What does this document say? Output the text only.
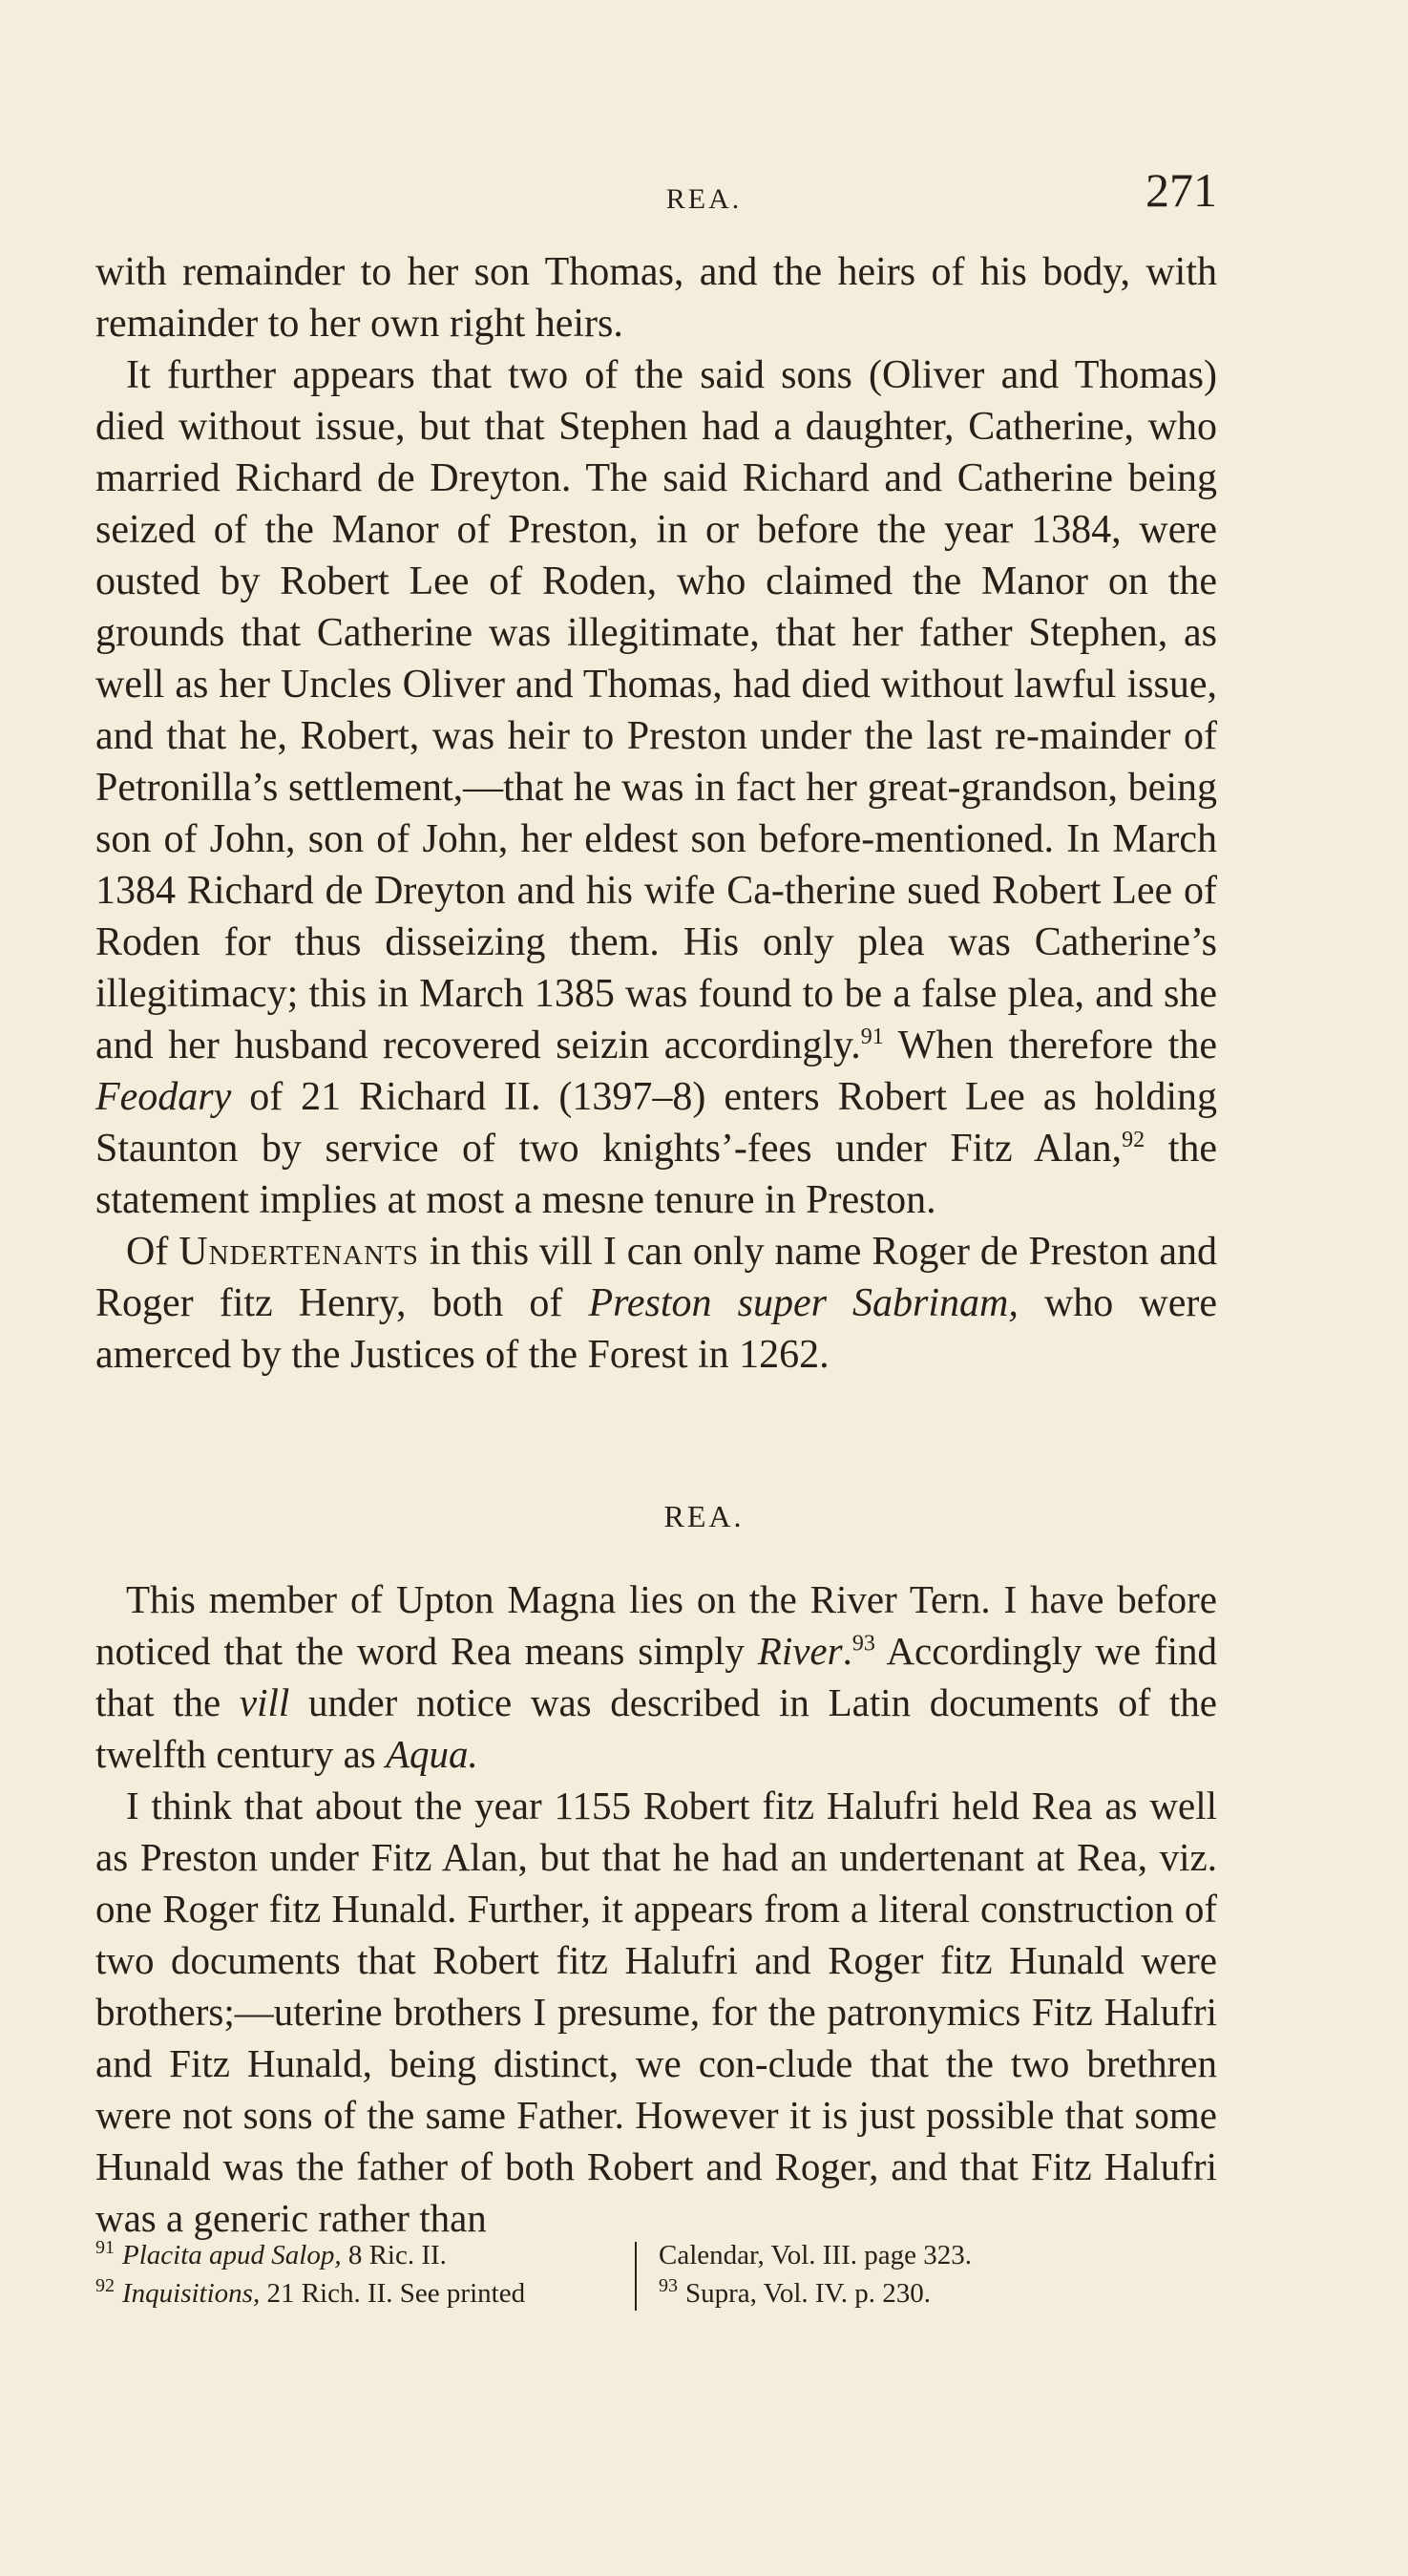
REA.	271

with remainder to her son Thomas, and the heirs of his body, with remainder to her own right heirs.

It further appears that two of the said sons (Oliver and Thomas) died without issue, but that Stephen had a daughter, Catherine, who married Richard de Dreyton. The said Richard and Catherine being seized of the Manor of Preston, in or before the year 1384, were ousted by Robert Lee of Roden, who claimed the Manor on the grounds that Catherine was illegitimate, that her father Stephen, as well as her Uncles Oliver and Thomas, had died without lawful issue, and that he, Robert, was heir to Preston under the last re-mainder of Petronilla’s settlement,—that he was in fact her great-grandson, being son of John, son of John, her eldest son before-mentioned. In March 1384 Richard de Dreyton and his wife Ca-therine sued Robert Lee of Roden for thus disseizing them. His only plea was Catherine’s illegitimacy; this in March 1385 was found to be a false plea, and she and her husband recovered seizin accordingly.$^{91}$ When therefore the Feodary of 21 Richard II. (1397–8) enters Robert Lee as holding Staunton by service of two knights’-fees under Fitz Alan,$^{92}$ the statement implies at most a mesne tenure in Preston.

Of Undertenants in this vill I can only name Roger de Preston and Roger fitz Henry, both of Preston super Sabrinam, who were amerced by the Justices of the Forest in 1262.

REA.

This member of Upton Magna lies on the River Tern. I have before noticed that the word Rea means simply River.$^{93}$ Accordingly we find that the vill under notice was described in Latin documents of the twelfth century as Aqua.

I think that about the year 1155 Robert fitz Halufri held Rea as well as Preston under Fitz Alan, but that he had an undertenant at Rea, viz. one Roger fitz Hunald. Further, it appears from a literal construction of two documents that Robert fitz Halufri and Roger fitz Hunald were brothers;—uterine brothers I presume, for the patronymics Fitz Halufri and Fitz Hunald, being distinct, we con-clude that the two brethren were not sons of the same Father. However it is just possible that some Hunald was the father of both Robert and Roger, and that Fitz Halufri was a generic rather than

$^{91}$ Placita apud Salop, 8 Ric. II.
$^{92}$ Inquisitions, 21 Rich. II. See printed
Calendar, Vol. III. page 323.
$^{93}$ Supra, Vol. IV. p. 230.
